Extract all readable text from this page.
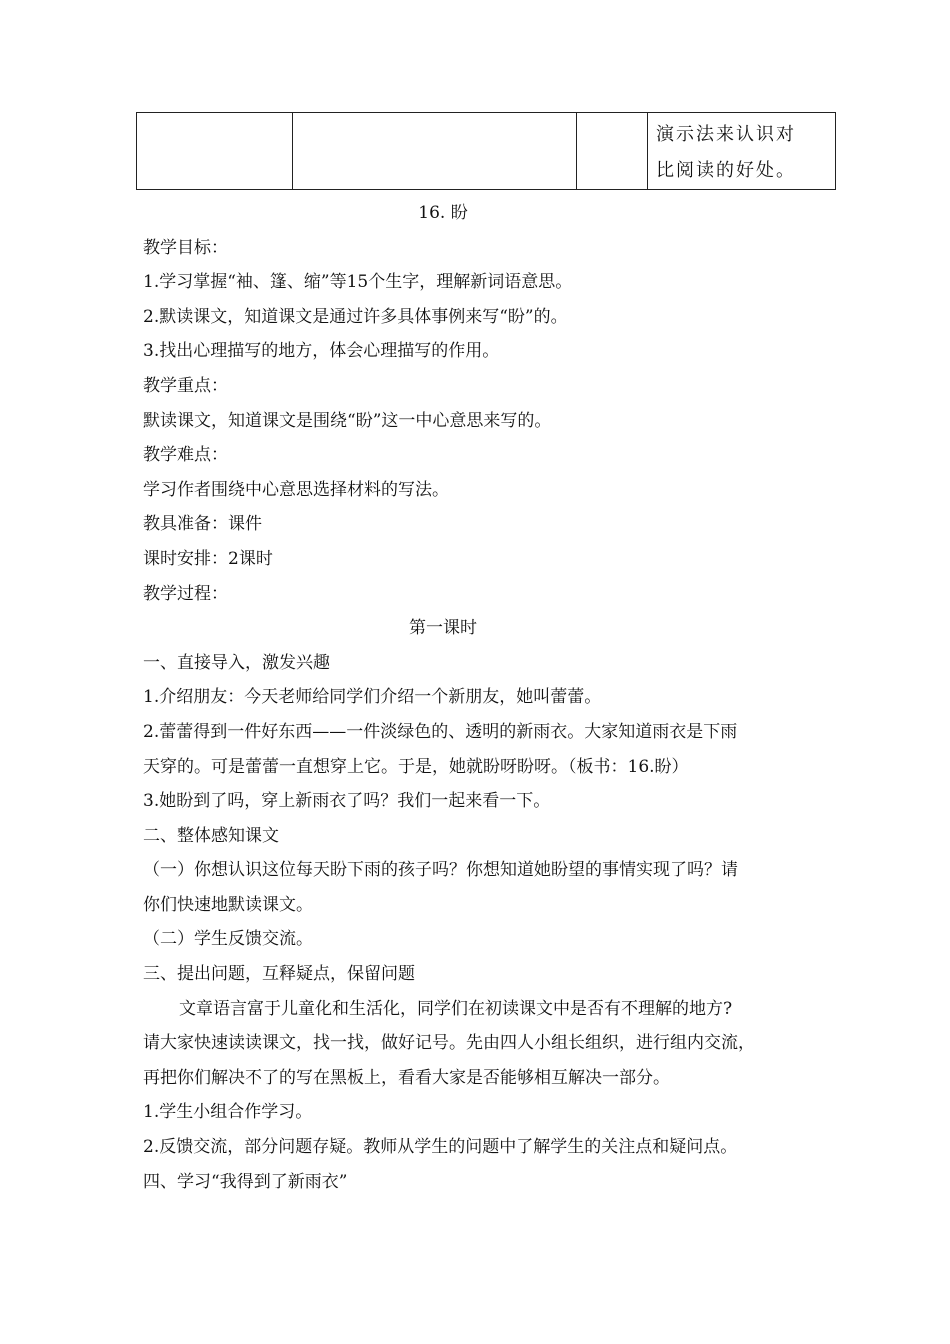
演示法来认识对
比阅读的好处。
16. 盼
教学目标：
1.学习掌握“袖、篷、缩”等15个生字，理解新词语意思。
2.默读课文，知道课文是通过许多具体事例来写“盼”的。
3.找出心理描写的地方，体会心理描写的作用。
教学重点：
默读课文，知道课文是围绕“盼”这一中心意思来写的。
教学难点：
学习作者围绕中心意思选择材料的写法。
教具准备：课件
课时安排：2课时
教学过程：
第一课时
一、直接导入，激发兴趣
1.介绍朋友：今天老师给同学们介绍一个新朋友，她叫蕾蕾。
2.蕾蕾得到一件好东西——一件淡绿色的、透明的新雨衣。大家知道雨衣是下雨
天穿的。可是蕾蕾一直想穿上它。于是，她就盼呀盼呀。（板书：16.盼）
3.她盼到了吗，穿上新雨衣了吗？我们一起来看一下。
二、整体感知课文
（一）你想认识这位每天盼下雨的孩子吗？你想知道她盼望的事情实现了吗？请
你们快速地默读课文。
（二）学生反馈交流。
三、提出问题，互释疑点，保留问题
文章语言富于儿童化和生活化，同学们在初读课文中是否有不理解的地方?
请大家快速读读课文，找一找，做好记号。先由四人小组长组织，进行组内交流，
再把你们解决不了的写在黑板上，看看大家是否能够相互解决一部分。
1.学生小组合作学习。
2.反馈交流，部分问题存疑。教师从学生的问题中了解学生的关注点和疑问点。
四、学习“我得到了新雨衣”
